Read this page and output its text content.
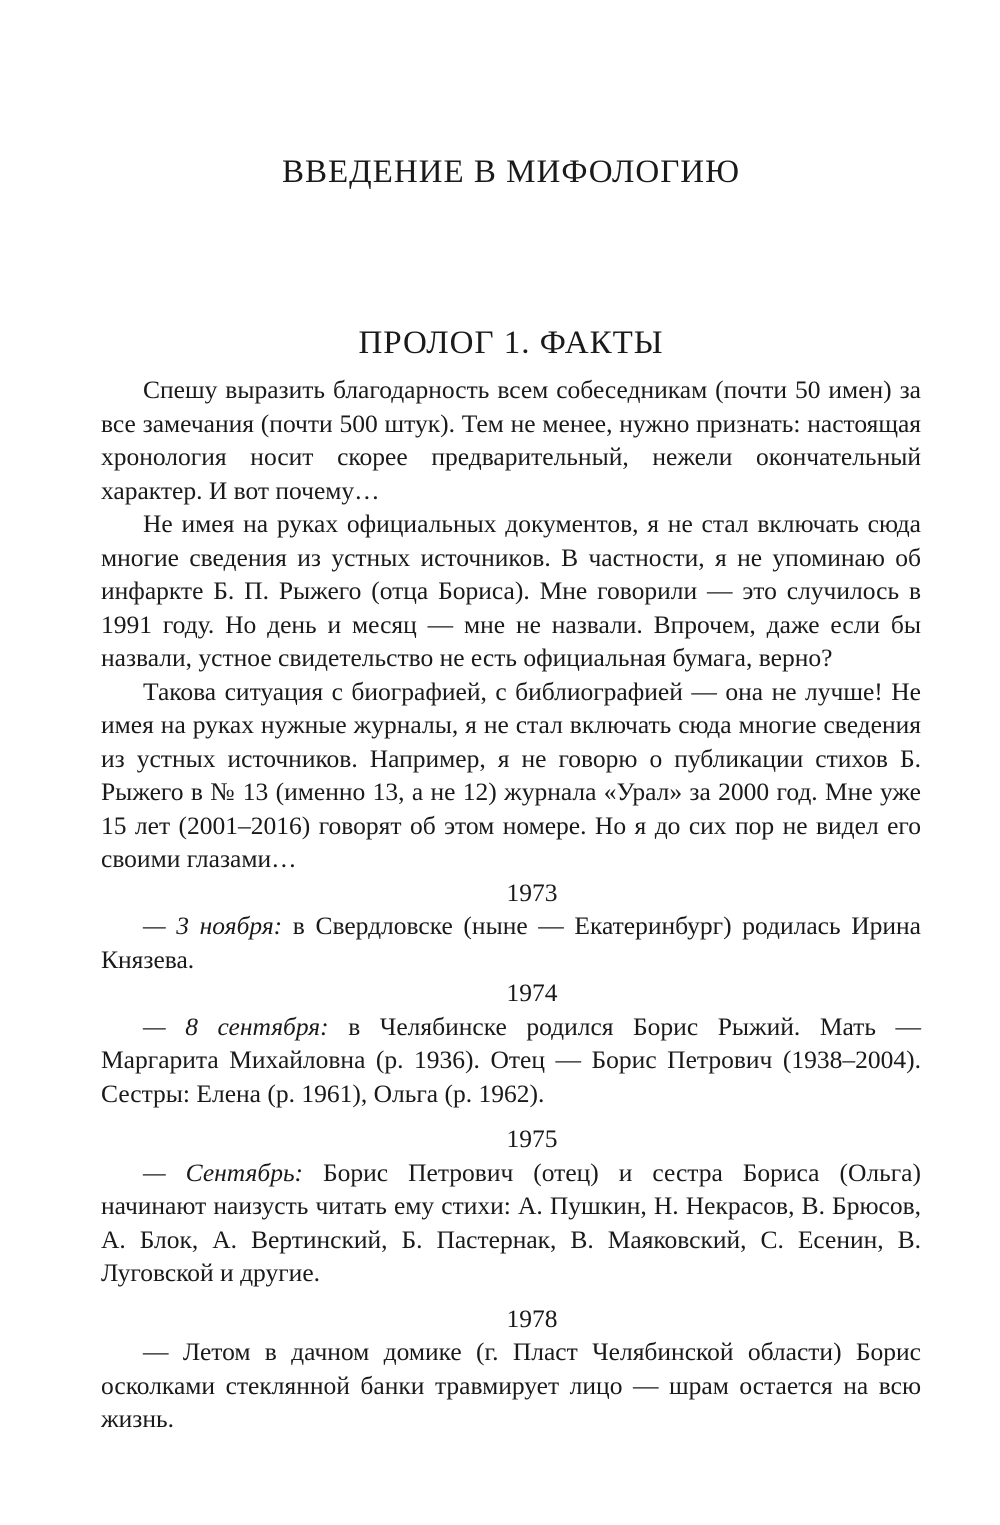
ВВЕДЕНИЕ В МИФОЛОГИЮ
ПРОЛОГ 1. ФАКТЫ

Спешу выразить благодарность всем собеседникам (почти 50 имен) за все замечания (почти 500 штук). Тем не менее, нужно признать: настоящая хронология носит скорее предварительный, нежели окончательный характер. И вот почему…

Не имея на руках официальных документов, я не стал включать сюда многие сведения из устных источников. В частности, я не упоминаю об инфаркте Б. П. Рыжего (отца Бориса). Мне говорили — это случилось в 1991 году. Но день и месяц — мне не назвали. Впрочем, даже если бы назвали, устное свидетельство не есть официальная бумага, верно?

Такова ситуация с биографией, с библиографией — она не лучше! Не имея на руках нужные журналы, я не стал включать сюда многие сведения из устных источников. Например, я не говорю о публикации стихов Б. Рыжего в № 13 (именно 13, а не 12) журнала «Урал» за 2000 год. Мне уже 15 лет (2001–2016) говорят об этом номере. Но я до сих пор не видел его своими глазами…

1973

— 3 ноября: в Свердловске (ныне — Екатеринбург) родилась Ирина Князева.

1974

— 8 сентября: в Челябинске родился Борис Рыжий. Мать — Маргарита Михайловна (р. 1936). Отец — Борис Петрович (1938–2004). Сестры: Елена (р. 1961), Ольга (р. 1962).

1975

— Сентябрь: Борис Петрович (отец) и сестра Бориса (Ольга) начинают наизусть читать ему стихи: А. Пушкин, Н. Некрасов, В. Брюсов, А. Блок, А. Вертинский, Б. Пастернак, В. Маяковский, С. Есенин, В. Луговской и другие.

1978

— Летом в дачном домике (г. Пласт Челябинской области) Борис осколками стеклянной банки травмирует лицо — шрам остается на всю жизнь.
